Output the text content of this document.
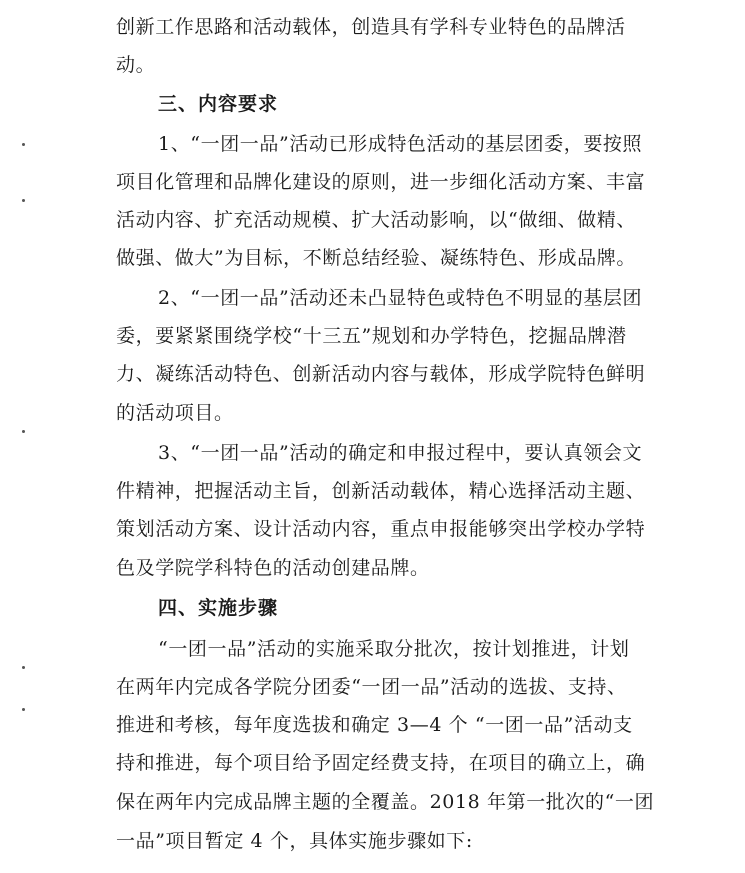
创新工作思路和活动载体，创造具有学科专业特色的品牌活
动。
三、内容要求
1、“一团一品”活动已形成特色活动的基层团委，要按照
项目化管理和品牌化建设的原则，进一步细化活动方案、丰富
活动内容、扩充活动规模、扩大活动影响，以“做细、做精、
做强、做大”为目标，不断总结经验、凝练特色、形成品牌。
2、“一团一品”活动还未凸显特色或特色不明显的基层团
委，要紧紧围绕学校“十三五”规划和办学特色，挖掘品牌潜
力、凝练活动特色、创新活动内容与载体，形成学院特色鲜明
的活动项目。
3、“一团一品”活动的确定和申报过程中，要认真领会文
件精神，把握活动主旨，创新活动载体，精心选择活动主题、
策划活动方案、设计活动内容，重点申报能够突出学校办学特
色及学院学科特色的活动创建品牌。
四、实施步骤
“一团一品”活动的实施采取分批次，按计划推进，计划
在两年内完成各学院分团委“一团一品”活动的选拔、支持、
推进和考核，每年度选拔和确定 3—4 个 “一团一品”活动支
持和推进，每个项目给予固定经费支持，在项目的确立上，确
保在两年内完成品牌主题的全覆盖。2018 年第一批次的“一团
一品”项目暂定 4 个，具体实施步骤如下:
